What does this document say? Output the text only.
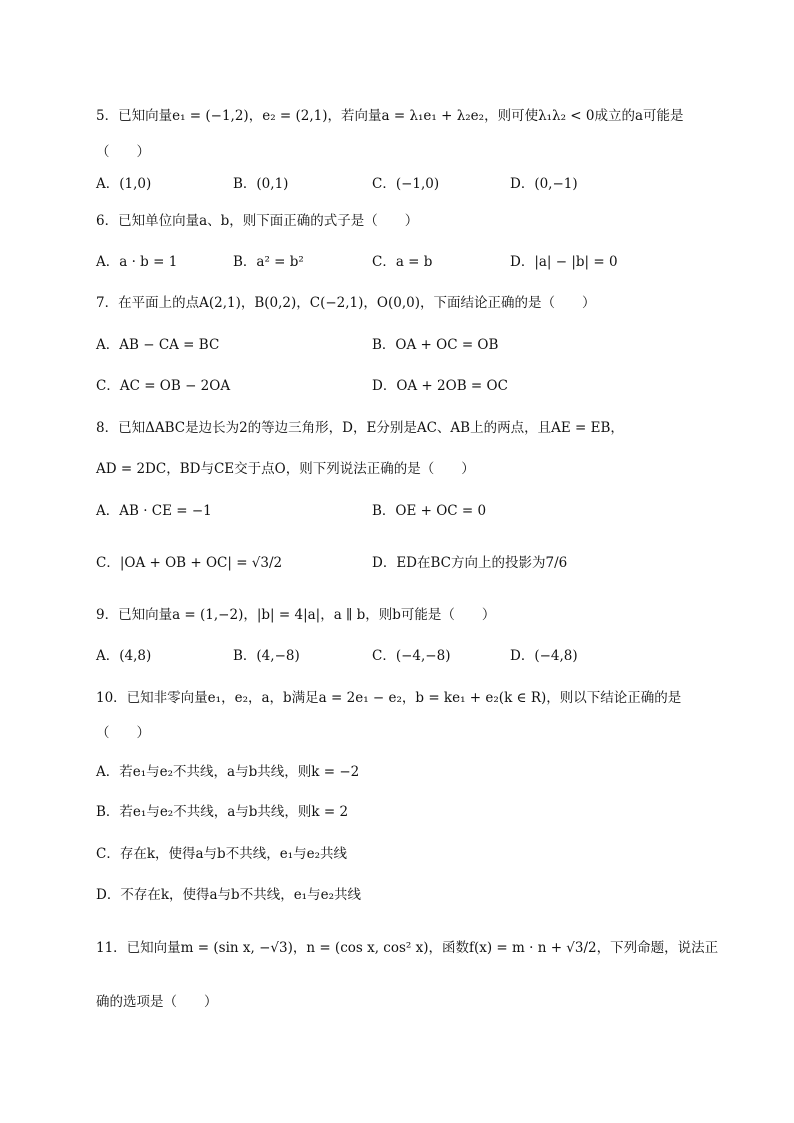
5．已知向量e₁ = (−1,2)，e₂ = (2,1)，若向量a = λ₁e₁ + λ₂e₂，则可使λ₁λ₂ < 0成立的a可能是
（　　）
A．(1,0)	B．(0,1)	C．(−1,0)	D．(0,−1)
6．已知单位向量a、b，则下面正确的式子是（　　）
A．a · b = 1	B．a² = b²	C．a = b	D．|a| − |b| = 0
7．在平面上的点A(2,1)，B(0,2)，C(−2,1)，O(0,0)，下面结论正确的是（　　）
A．AB − CA = BC	B．OA + OC = OB
C．AC = OB − 2OA	D．OA + 2OB = OC
8．已知ΔABC是边长为2的等边三角形，D，E分别是AC、AB上的两点，且AE = EB，
AD = 2DC，BD与CE交于点O，则下列说法正确的是（　　）
A．AB · CE = −1	B．OE + OC = 0
C．|OA + OB + OC| = √3/2	D．ED在BC方向上的投影为7/6
9．已知向量a = (1,−2)，|b| = 4|a|，a ∥ b，则b可能是（　　）
A．(4,8)	B．(4,−8)	C．(−4,−8)	D．(−4,8)
10．已知非零向量e₁，e₂，a，b满足a = 2e₁ − e₂，b = ke₁ + e₂(k ∈ R)，则以下结论正确的是
（　　）
A．若e₁与e₂不共线，a与b共线，则k = −2
B．若e₁与e₂不共线，a与b共线，则k = 2
C．存在k，使得a与b不共线，e₁与e₂共线
D．不存在k，使得a与b不共线，e₁与e₂共线
11．已知向量m = (sin x, −√3)，n = (cos x, cos² x)，函数f(x) = m · n + √3/2，下列命题，说法正
确的选项是（　　）
